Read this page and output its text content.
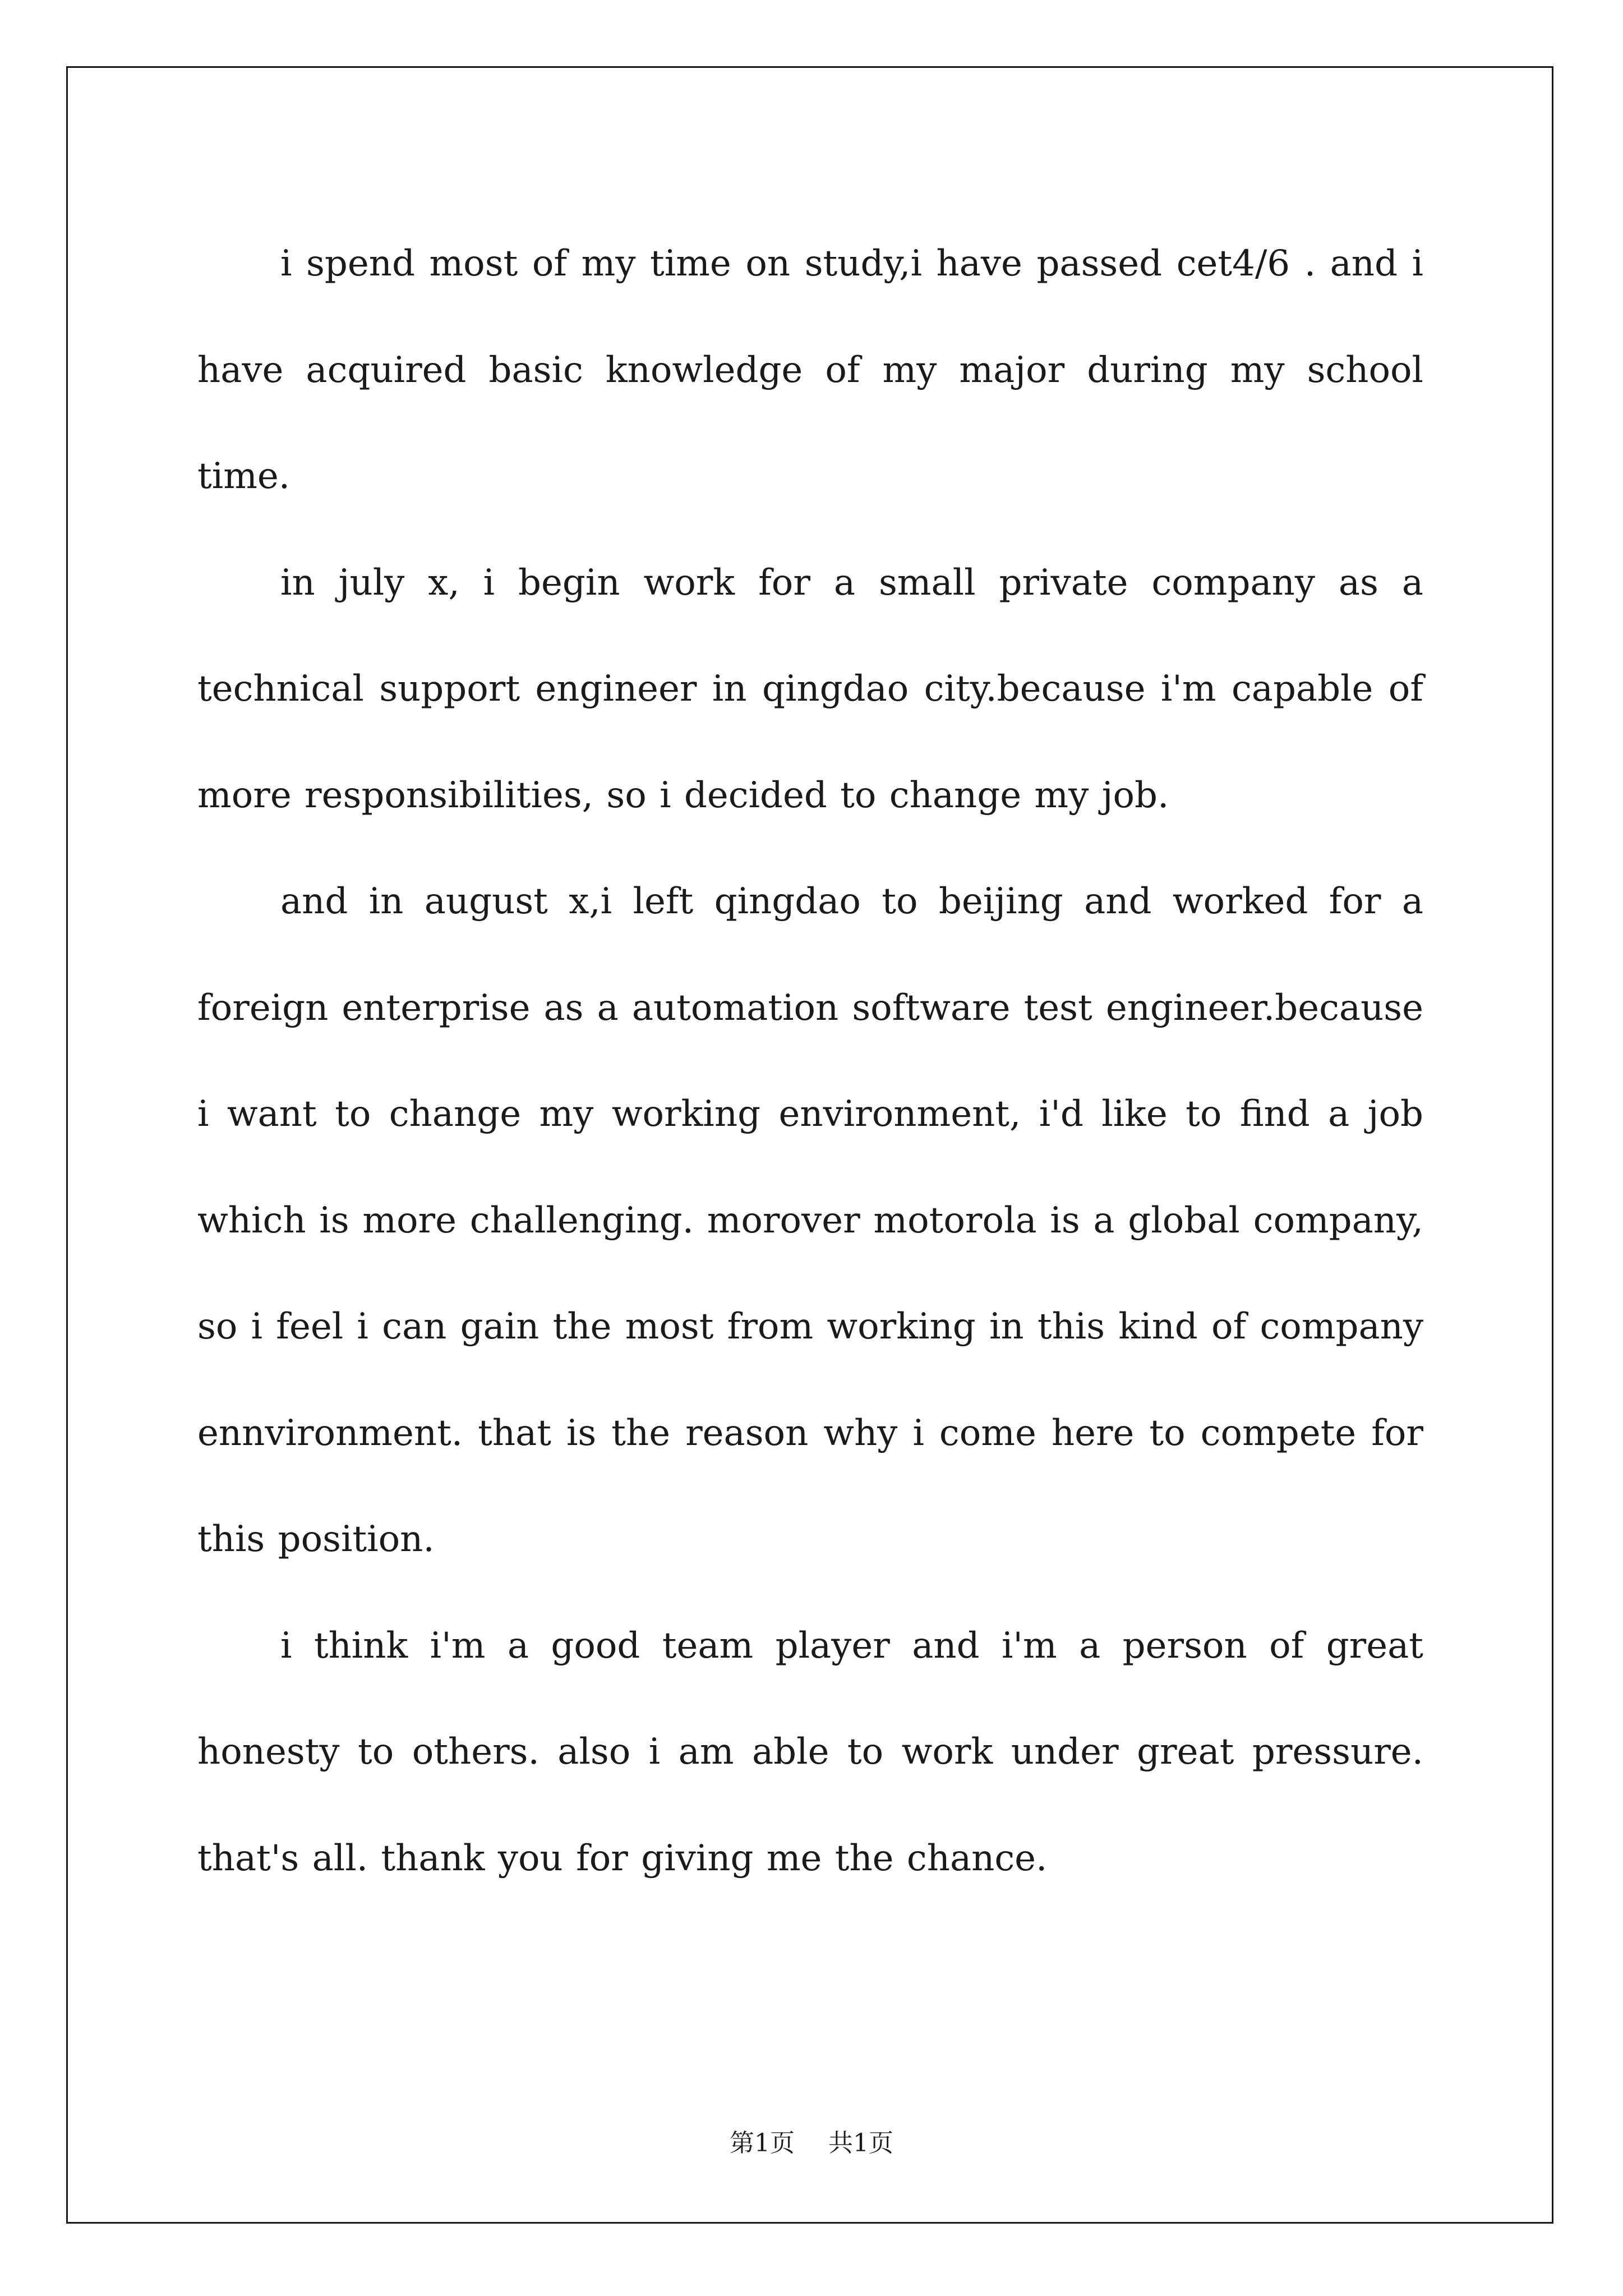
i spend most of my time on study,i have passed cet4/6 . and i have acquired basic knowledge of my major during my school time.

in july x, i begin work for a small private company as a technical support engineer in qingdao city.because i'm capable of more responsibilities, so i decided to change my job.

and in august x,i left qingdao to beijing and worked for a foreign enterprise as a automation software test engineer.because i want to change my working environment, i'd like to find a job which is more challenging. morover motorola is a global company, so i feel i can gain the most from working in this kind of company ennvironment. that is the reason why i come here to compete for this position.

i think i'm a good team player and i'm a person of great honesty to others. also i am able to work under great pressure. that's all. thank you for giving me the chance.

第1页 共1页
